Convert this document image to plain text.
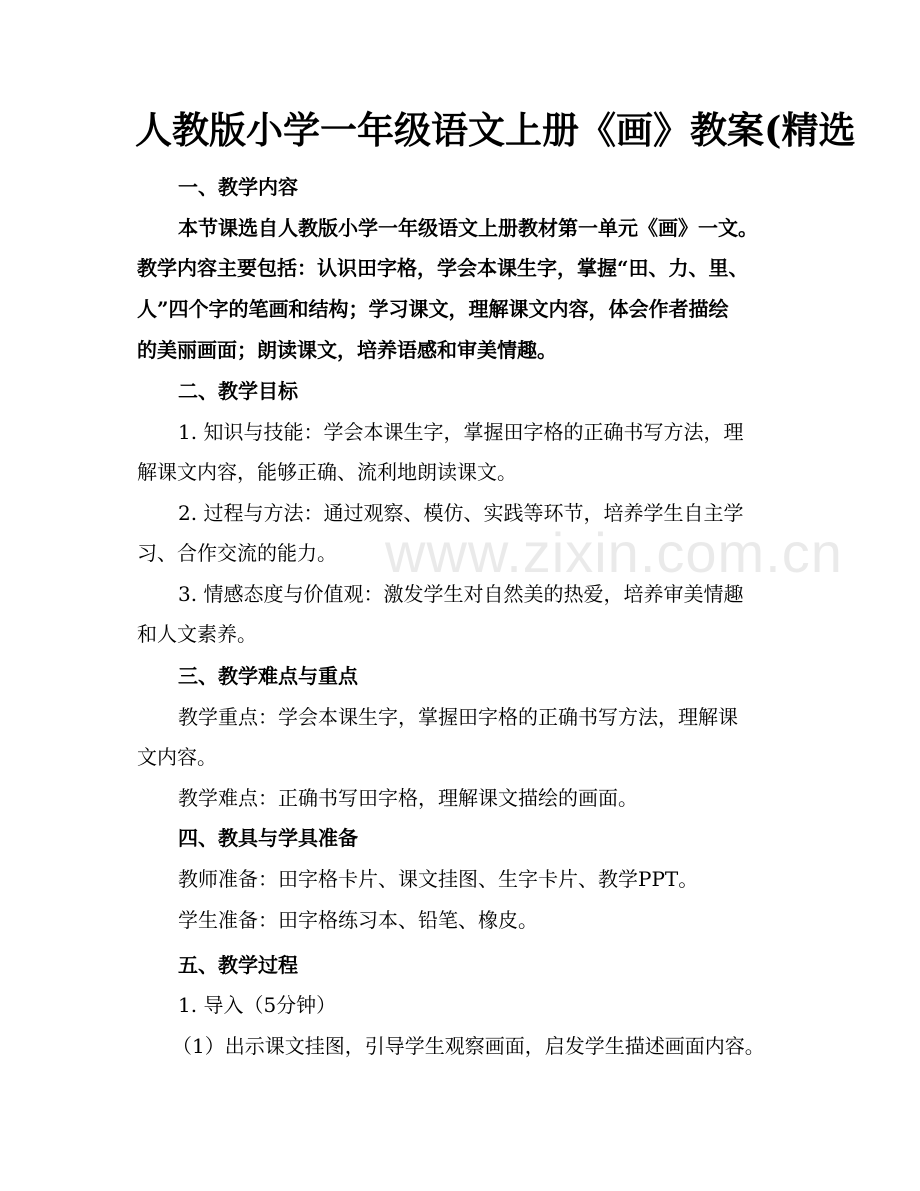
www.zixin.com.cn
人教版小学一年级语文上册《画》教案(精选
一、教学内容
本节课选自人教版小学一年级语文上册教材第一单元《画》一文。
教学内容主要包括：认识田字格，学会本课生字，掌握“田、力、里、
人”四个字的笔画和结构；学习课文，理解课文内容，体会作者描绘
的美丽画面；朗读课文，培养语感和审美情趣。
二、教学目标
1. 知识与技能：学会本课生字，掌握田字格的正确书写方法，理
解课文内容，能够正确、流利地朗读课文。
2. 过程与方法：通过观察、模仿、实践等环节，培养学生自主学
习、合作交流的能力。
3. 情感态度与价值观：激发学生对自然美的热爱，培养审美情趣
和人文素养。
三、教学难点与重点
教学重点：学会本课生字，掌握田字格的正确书写方法，理解课
文内容。
教学难点：正确书写田字格，理解课文描绘的画面。
四、教具与学具准备
教师准备：田字格卡片、课文挂图、生字卡片、教学PPT。
学生准备：田字格练习本、铅笔、橡皮。
五、教学过程
1. 导入（5分钟）
（1）出示课文挂图，引导学生观察画面，启发学生描述画面内容。
